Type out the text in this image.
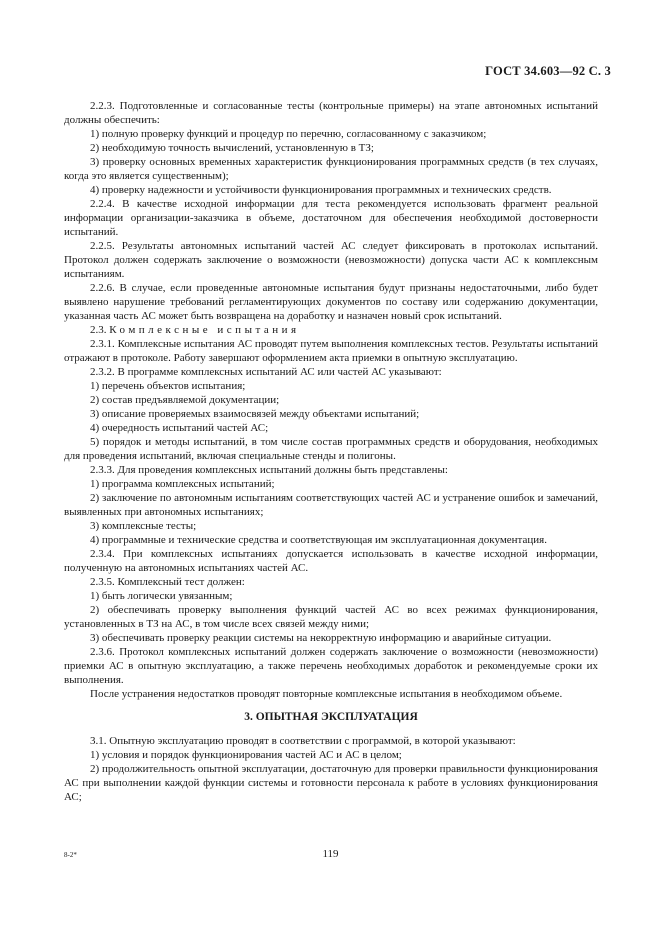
ГОСТ 34.603—92 С. 3

2.2.3. Подготовленные и согласованные тесты (контрольные примеры) на этапе автономных испытаний должны обеспечить:

1) полную проверку функций и процедур по перечню, согласованному с заказчиком;

2) необходимую точность вычислений, установленную в ТЗ;

3) проверку основных временных характеристик функционирования программных средств (в тех случаях, когда это является существенным);

4) проверку надежности и устойчивости функционирования программных и технических средств.

2.2.4. В качестве исходной информации для теста рекомендуется использовать фрагмент реальной информации организации-заказчика в объеме, достаточном для обеспечения необходимой достоверности испытаний.

2.2.5. Результаты автономных испытаний частей АС следует фиксировать в протоколах испытаний. Протокол должен содержать заключение о возможности (невозможности) допуска части АС к комплексным испытаниям.

2.2.6. В случае, если проведенные автономные испытания будут признаны недостаточными, либо будет выявлено нарушение требований регламентирующих документов по составу или содержанию документации, указанная часть АС может быть возвращена на доработку и назначен новый срок испытаний.

2.3. Комплексные испытания

2.3.1. Комплексные испытания АС проводят путем выполнения комплексных тестов. Результаты испытаний отражают в протоколе. Работу завершают оформлением акта приемки в опытную эксплуатацию.

2.3.2. В программе комплексных испытаний АС или частей АС указывают:

1) перечень объектов испытания;

2) состав предъявляемой документации;

3) описание проверяемых взаимосвязей между объектами испытаний;

4) очередность испытаний частей АС;

5) порядок и методы испытаний, в том числе состав программных средств и оборудования, необходимых для проведения испытаний, включая специальные стенды и полигоны.

2.3.3. Для проведения комплексных испытаний должны быть представлены:

1) программа комплексных испытаний;

2) заключение по автономным испытаниям соответствующих частей АС и устранение ошибок и замечаний, выявленных при автономных испытаниях;

3) комплексные тесты;

4) программные и технические средства и соответствующая им эксплуатационная документация.

2.3.4. При комплексных испытаниях допускается использовать в качестве исходной информации, полученную на автономных испытаниях частей АС.

2.3.5. Комплексный тест должен:

1) быть логически увязанным;

2) обеспечивать проверку выполнения функций частей АС во всех режимах функционирования, установленных в ТЗ на АС, в том числе всех связей между ними;

3) обеспечивать проверку реакции системы на некорректную информацию и аварийные ситуации.

2.3.6. Протокол комплексных испытаний должен содержать заключение о возможности (невозможности) приемки АС в опытную эксплуатацию, а также перечень необходимых доработок и рекомендуемые сроки их выполнения.

После устранения недостатков проводят повторные комплексные испытания в необходимом объеме.

3. ОПЫТНАЯ ЭКСПЛУАТАЦИЯ

3.1. Опытную эксплуатацию проводят в соответствии с программой, в которой указывают:

1) условия и порядок функционирования частей АС и АС в целом;

2) продолжительность опытной эксплуатации, достаточную для проверки правильности функционирования АС при выполнении каждой функции системы и готовности персонала к работе в условиях функционирования АС;

8-2*	119
